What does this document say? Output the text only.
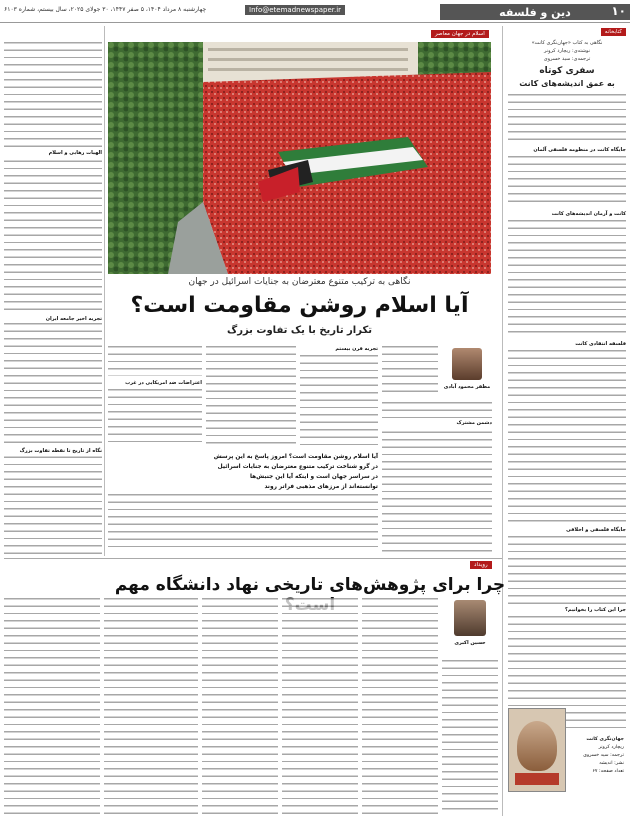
دین و فلسفه	۱۰
Info@etemadnewspaper.ir
چهارشنبه ۸ مرداد ۱۴۰۴، ۵ صفر ۱۴۴۷، ۳۰ جولای ۲۰۲۵، سال بیستم، شماره ۶۱۰۳
کتابخانه
نگاهی به کتاب «جهان‌نگری کانت»
نوشته‌ی: ریچارد کرونر
ترجمه‌ی: سید خسروی
سفری کوتاه
به عمق اندیشه‌های کانت
جایگاه کانت در منظومه فلسفی آلمان
کانت و آرمان اندیشه‌های کانت
فلسفه انتقادی کانت
جایگاه فلسفی و اخلاقی
جرا این کتاب را بخوانیم؟
جهان‌نگری کانت
ریچارد کرونر
ترجمه: سید خسروی
نشر: اندیشه
تعداد صفحه: ۶۷
اسلام در جهان معاصر
نگاهی به ترکیب متنوع معترضان به جنایات اسرائیل در جهان
آیا اسلام روشن مقاومت است؟
تکرار تاریخ با یک تفاوت بزرگ
مظفر محمود آبادی
الهیات رهایی و اسلام
تجربه اخیر جامعه ایران
نگاه از تاریخ تا نقطه تفاوت بزرگ
دشمن مشترک
تجربه قرن بیستم
اعتراضات ضد امریکایی در غرب
آیا اسلام روشن مقاومت است؟ امروز پاسخ به این پرسش
در گرو شناخت ترکیب متنوع معترضان به جنایات اسرائیل
در سراسر جهان است و اینکه آیا این جنبش‌ها
توانسته‌اند از مرزهای مذهبی فراتر روند
رویداد
چرا برای پژوهش‌های تاریخی نهاد دانشگاه مهم
حسین اکبری
